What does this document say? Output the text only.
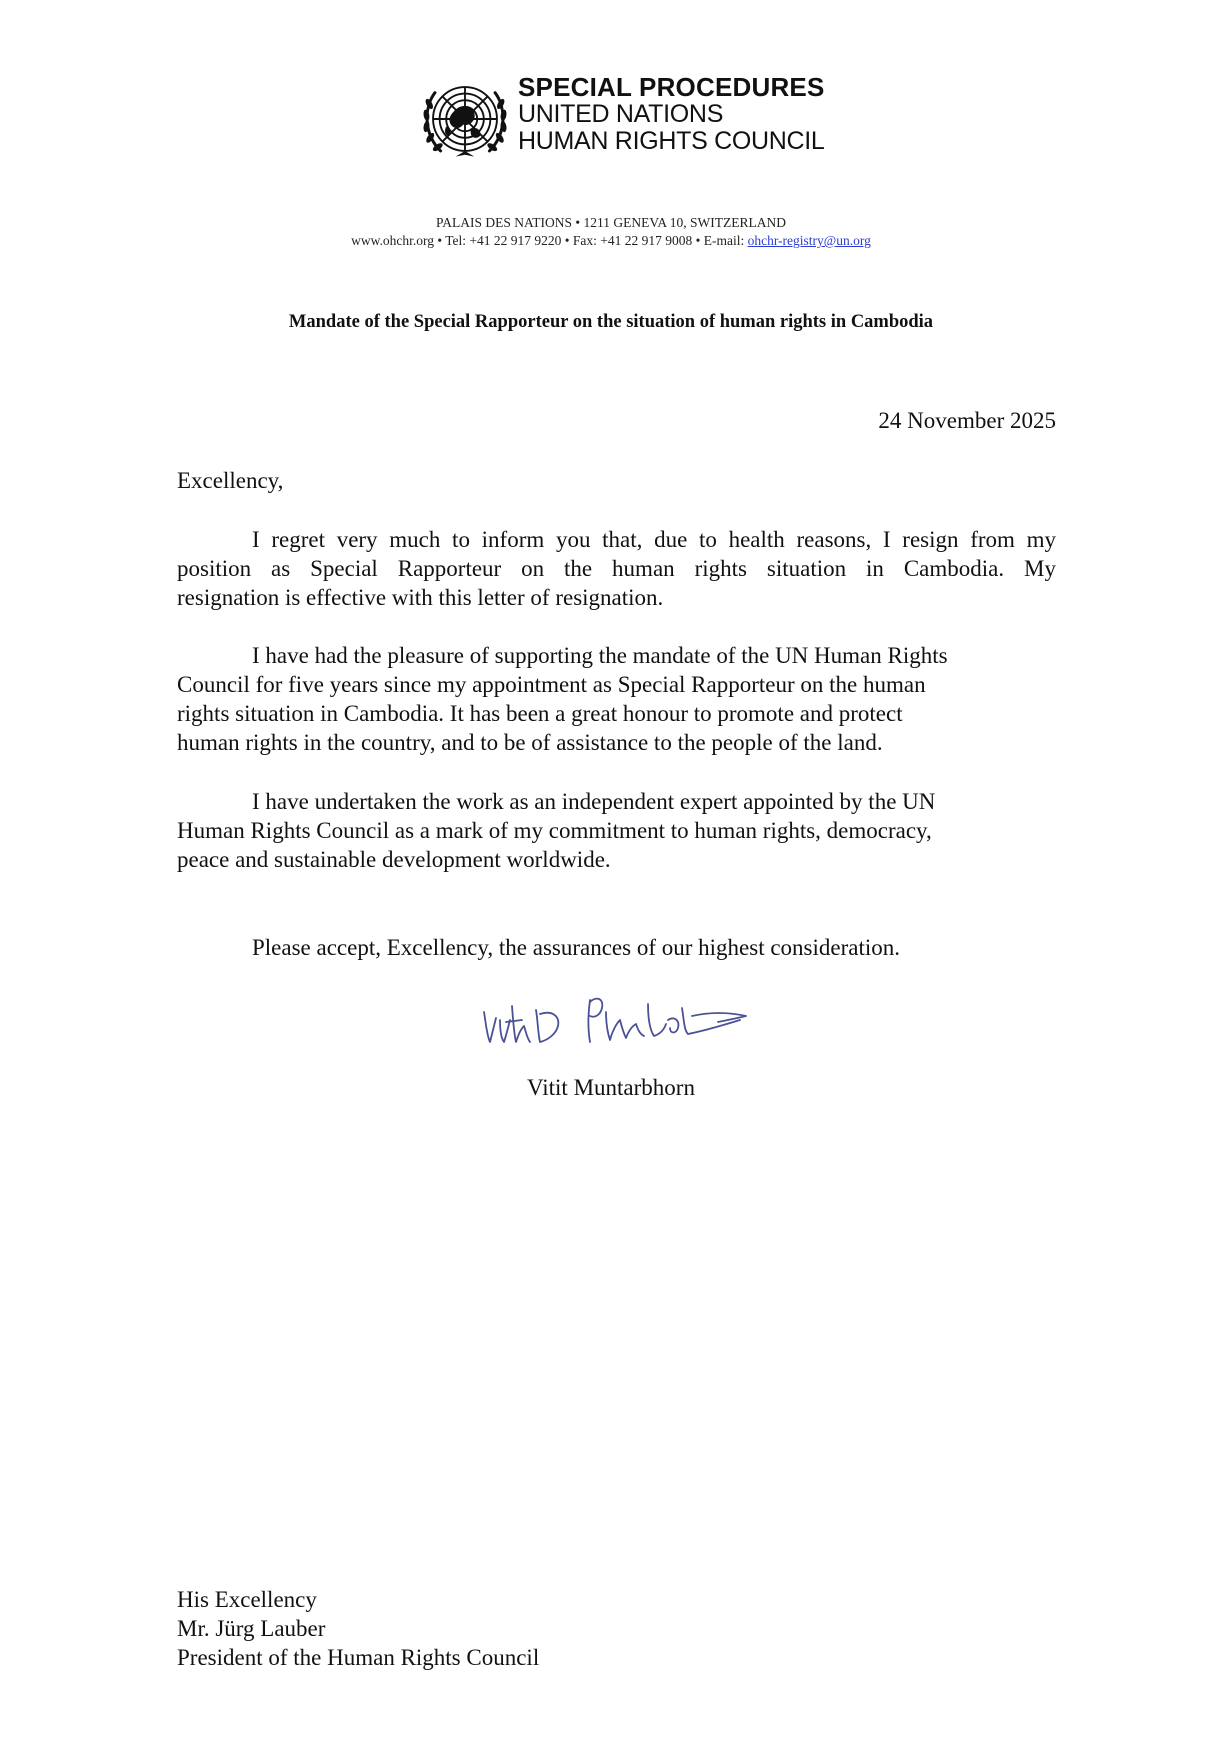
SPECIAL PROCEDURES
UNITED NATIONS
HUMAN RIGHTS COUNCIL
PALAIS DES NATIONS • 1211 GENEVA 10, SWITZERLAND
www.ohchr.org • Tel: +41 22 917 9220 • Fax: +41 22 917 9008 • E-mail: ohchr-registry@un.org
Mandate of the Special Rapporteur on the situation of human rights in Cambodia
24 November 2025
Excellency,
I regret very much to inform you that, due to health reasons, I resign from my
position as Special Rapporteur on the human rights situation in Cambodia. My
resignation is effective with this letter of resignation.
I have had the pleasure of supporting the mandate of the UN Human Rights
Council for five years since my appointment as Special Rapporteur on the human
rights situation in Cambodia. It has been a great honour to promote and protect
human rights in the country, and to be of assistance to the people of the land.
I have undertaken the work as an independent expert appointed by the UN
Human Rights Council as a mark of my commitment to human rights, democracy,
peace and sustainable development worldwide.
Please accept, Excellency, the assurances of our highest consideration.
Vitit Muntarbhorn
His Excellency
Mr. Jürg Lauber
President of the Human Rights Council
